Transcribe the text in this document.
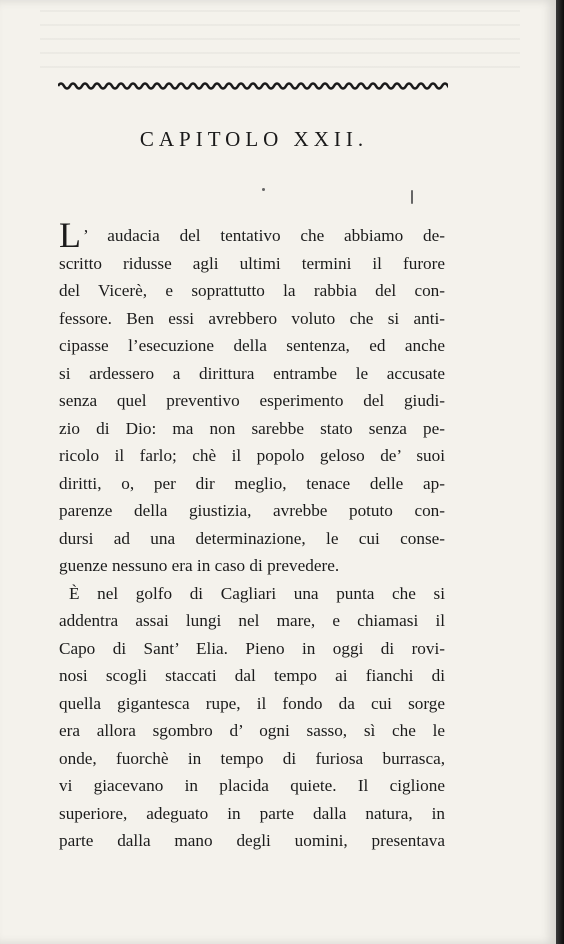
CAPITOLO XXII.
L ’ audacia del tentativo che abbiamo de-
scritto ridusse agli ultimi termini il furore
del Vicerè, e soprattutto la rabbia del con-
fessore. Ben essi avrebbero voluto che si anti-
cipasse l’esecuzione della sentenza, ed anche
si ardessero a dirittura entrambe le accusate
senza quel preventivo esperimento del giudi-
zio di Dio: ma non sarebbe stato senza pe-
ricolo il farlo; chè il popolo geloso de’ suoi
diritti, o, per dir meglio, tenace delle ap-
parenze della giustizia, avrebbe potuto con-
dursi ad una determinazione, le cui conse-
guenze nessuno era in caso di prevedere.
È nel golfo di Cagliari una punta che si
addentra assai lungi nel mare, e chiamasi il
Capo di Sant’ Elia. Pieno in oggi di rovi-
nosi scogli staccati dal tempo ai fianchi di
quella gigantesca rupe, il fondo da cui sorge
era allora sgombro d’ ogni sasso, sì che le
onde, fuorchè in tempo di furiosa burrasca,
vi giacevano in placida quiete. Il ciglione
superiore, adeguato in parte dalla natura, in
parte dalla mano degli uomini, presentava
